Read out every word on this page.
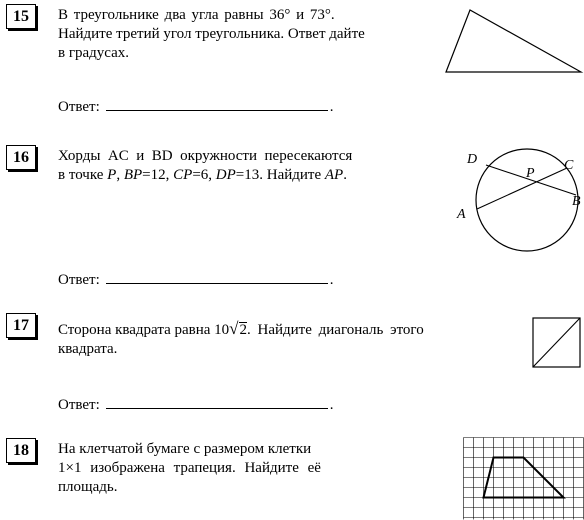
15	В треугольнике два угла равны 36° и 73°.
Найдите третий угол треугольника. Ответ дайте
в градусах.
Ответ:	.
16	Хорды  AC  и  BD  окружности  пересекаются
в точке P, BP=12, CP=6, DP=13. Найдите AP.
D	C
P
A
B
Ответ:	.
17	Сторона квадрата равна 10√2. Найдите диагональ этого
квадрата.
Ответ:	.
18	На клетчатой бумаге с размером клетки
1×1 изображена трапеция. Найдите её
площадь.
